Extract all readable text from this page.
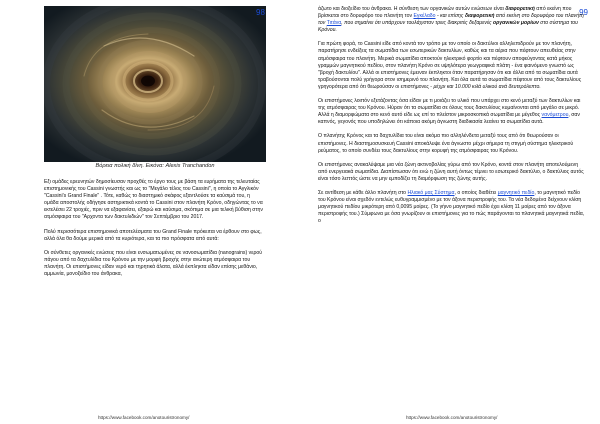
98
Βόρεια πολική δίνη. Εικόνα: Alexis Tranchandon

Εξι ομάδες ερευνητών δημοσίευσαν προχθές το έργο τους με βάση τα ευρήματα της τελευταίας επιστημονικής του Cassini γνωστής και ως το "Μεγάλο τέλος του Cassini", η οποία το Αγγλικόν "Cassini's Grand Finale" . Τότε, καθώς το διαστημικό σκάφος εξαντλούσε τα καύσιμά του, η ομάδα αποστολής οδήγησε αστηρικτικά κοντά το Cassini στον πλανήτη Κρόνο, οδηγώντας το να εκτελέσει 22 τροχιές, πριν να εξαφανίσει, εξαιρώ και καύσιμα, σκόπιμα σε μια τελική βύθιση στην ατμόσφαιρα του "Αρχοντα των δακτυλιδιών" τον Σεπτέμβριο του 2017.

Πολύ περισσότερα επιστημονικά αποτελέσματα του Grand Finale πρόκειται να έρθουν στο φως, αλλά όλα θα δούμε μερικά από τα κυριότερα, και τα πιο πρόσφατα από αυτά:

Οι σύνθετες οργανικές ενώσεις που είναι ενσωματωμένες σε νανοσωματίδια (nanograins) νερού πάγου από τα δαχτυλίδια του Κρόνου με την μορφή βροχής στην ανώτερη ατμόσφαιρα του πλανήτη. Οι επιστήμονες είδαν νερό και τηρητικά άλατα, αλλά έκπληκτα είδαν επίσης μεθάνιο, αμμωνία, μονοξείδιο του άνθρακα,

https://www.facebook.com/anotouristronomy/
99

άζωτο και διοξείδιο του άνθρακα. Η σύνθεση των οργανικών αυτών ενώσεων είναι διαφορετική από εκείνη που βρίσκεται στο δορυφόρο του πλανήτη τον Εγκέλαδο - και επίσης διαφορετική από εκείνη στο δορυφόρο του πλανήτη τον Τιτάνα, που σημαίνει ότι υπάρχουν τουλάχιστον τρεις διακριτές δεξαμενές οργανικών μορίων στο σύστημα του Κρόνου.

Για πρώτη φορά, το Cassini είδε από κοντά τον τρόπο με τον οποίο οι δακτύλιοι αλληλεπιδρούν με τον πλανήτη, παρατήρησε ενδείξεις τα σωματίδια των εσωτερικών δακτυλίων, καθώς και τα αέρια που πέφτουν απευθείας στην ατμόσφαιρα του πλανήτη. Μερικά σωματίδια αποκτούν ηλεκτρικό φορτίο και πέφτουν αποφεύγοντας κατά μήκος γραμμών μαγνητικού πεδίου, στον πλανήτη Κρόνο σε υψηλότερα γεωγραφικά πλάτη - ένα φαινόμενο γνωστό ως "βροχή δακτυλίου". Αλλά οι επιστήμονες έμειναν έκπληκτοι όταν παρατήρησαν ότι και άλλα από τα σωματίδια αυτά τραβούσονται πολύ γρήγορα στον ισημερινό του πλανήτη. Και όλα αυτά τα σωματίδια πέφτουν από τους δακτυλίους γρηγορότερα από ότι θεωρούσαν οι επιστήμονες - μέχρι και 10.000 κιλά υλικού ανά δευτερόλεπτο.

Οι επιστήμονες λοιπόν εξετάζοντας όσα είδαν με τι μοιάζει το υλικό που υπάρχει στο κενό μεταξύ των δακτυλίων και της ατμόσφαιρας του Κρόνου. Ηύραν ότι τα σωματίδια σε όλους τους δακτυλίους κυμαίνονται από μεγάλο σε μικρό. Αλλά η διαμορφώματα στο κενό αυτό είδε ως επί το πλείστον μικροσκοπικά σωματίδια με μέγεθος νανόμετρου, σαν καπνός, γεγονός που υποδηλώνει ότι κάποια ακόμη άγνωστη διαδικασία λεαίνει τα σωματίδια αυτά.

Ο πλανήτης Κρόνος και τα δαχτυλίδια του είναι ακόμα πιο αλληλένδετα μεταξύ τους από ότι θεωρούσαν οι επιστήμονες. Η διαστημοσυσκευή Cassini αποκάλυψε ένα άγνωστο μέχρι σήμερα τη στιγμή σύστημα ηλεκτρικού ρεύματος, το οποίο συνδέει τους δακτυλίους στην κορυφή της ατμόσφαιρας του Κρόνου.

Οι επιστήμονες ανακαλύψαμε μια νέα ζώνη ακτινοβολίας γύρω από τον Κρόνο, κοντά στον πλανήτη αποτελούμενη από ενεργειακά σωματίδια. Διαπίστωσαν ότι ενώ η ζώνη αυτή όντως τέμνει το εσωτερικό δακτύλιο, ο δακτύλιος αυτός είναι τόσο λεπτός ώστε να μην εμποδίζει τη διαμόρφωση της ζώνης αυτής.

Σε αντίθεση με κάθε άλλο πλανήτη στο Ηλιακό μας Σύστημα, ο οποίος διαθέτει μαγνητικό πεδίο, το μαγνητικό πεδίο του Κρόνου είναι σχεδόν εντελώς ευθυγραμμισμένο με τον άξονα περιστροφής του. Τα νέα δεδομένα δείχνουν κλίση μαγνητικού πεδίου μικρότερη από 0,0095 μοίρες. (Το γήινο μαγνητικό πεδίο έχει κλίση 11 μοίρες από τον άξονα περιστροφής του.) Σύμφωνα με όσα γνωρίζουν οι επιστήμονες για το πώς παράγονται τα πλανητικά μαγνητικά πεδία, ο

https://www.facebook.com/anotouristronomy/
